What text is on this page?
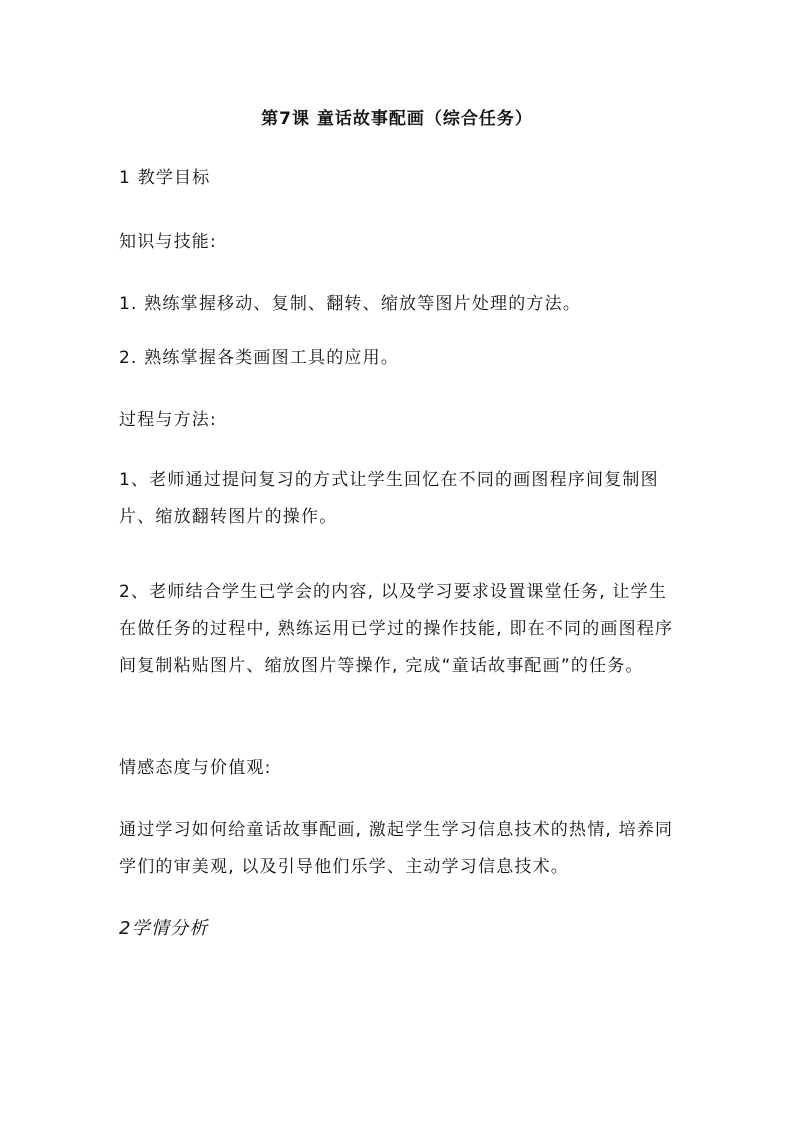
第7课 童话故事配画（综合任务）
1 教学目标
知识与技能:
1. 熟练掌握移动、复制、翻转、缩放等图片处理的方法。
2. 熟练掌握各类画图工具的应用。
过程与方法:
1、老师通过提问复习的方式让学生回忆在不同的画图程序间复制图片、缩放翻转图片的操作。
2、老师结合学生已学会的内容, 以及学习要求设置课堂任务, 让学生在做任务的过程中, 熟练运用已学过的操作技能, 即在不同的画图程序间复制粘贴图片、缩放图片等操作, 完成“童话故事配画”的任务。
情感态度与价值观:
通过学习如何给童话故事配画, 激起学生学习信息技术的热情, 培养同学们的审美观, 以及引导他们乐学、主动学习信息技术。
2学情分析
